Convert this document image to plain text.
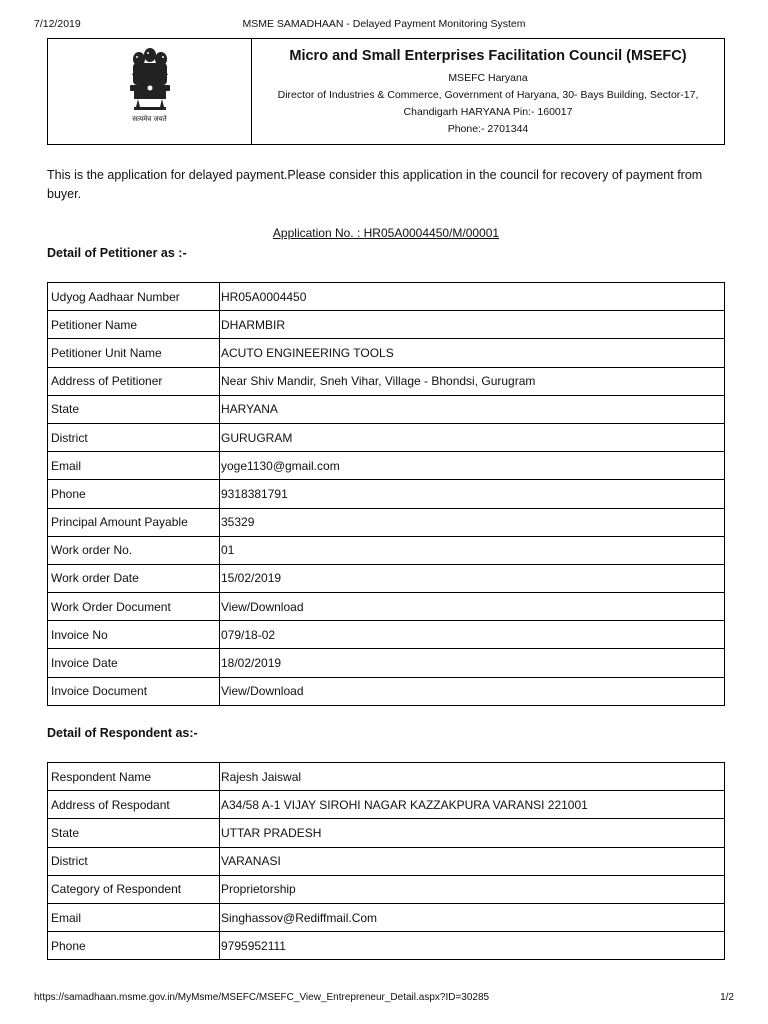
7/12/2019	MSME SAMADHAAN - Delayed Payment Monitoring System
सत्यमेव जयते
Micro and Small Enterprises Facilitation Council (MSEFC)
MSEFC Haryana
Director of Industries & Commerce, Government of Haryana, 30- Bays Building, Sector-17,
Chandigarh HARYANA Pin:- 160017
Phone:- 2701344
This is the application for delayed payment.Please consider this application in the council for recovery of payment from buyer.
Application No. : HR05A0004450/M/00001
Detail of Petitioner as :-
Udyog Aadhaar Number	HR05A0004450
Petitioner Name	DHARMBIR
Petitioner Unit Name	ACUTO ENGINEERING TOOLS
Address of Petitioner	Near Shiv Mandir, Sneh Vihar, Village - Bhondsi, Gurugram
State	HARYANA
District	GURUGRAM
Email	yoge1130@gmail.com
Phone	9318381791
Principal Amount Payable	35329
Work order No.	01
Work order Date	15/02/2019
Work Order Document	View/Download
Invoice No	079/18-02
Invoice Date	18/02/2019
Invoice Document	View/Download
Detail of Respondent as:-
Respondent Name	Rajesh Jaiswal
Address of Respodant	A34/58 A-1 VIJAY SIROHI NAGAR KAZZAKPURA VARANSI 221001
State	UTTAR PRADESH
District	VARANASI
Category of Respondent	Proprietorship
Email	Singhassov@Rediffmail.Com
Phone	9795952111
https://samadhaan.msme.gov.in/MyMsme/MSEFC/MSEFC_View_Entrepreneur_Detail.aspx?ID=30285	1/2
